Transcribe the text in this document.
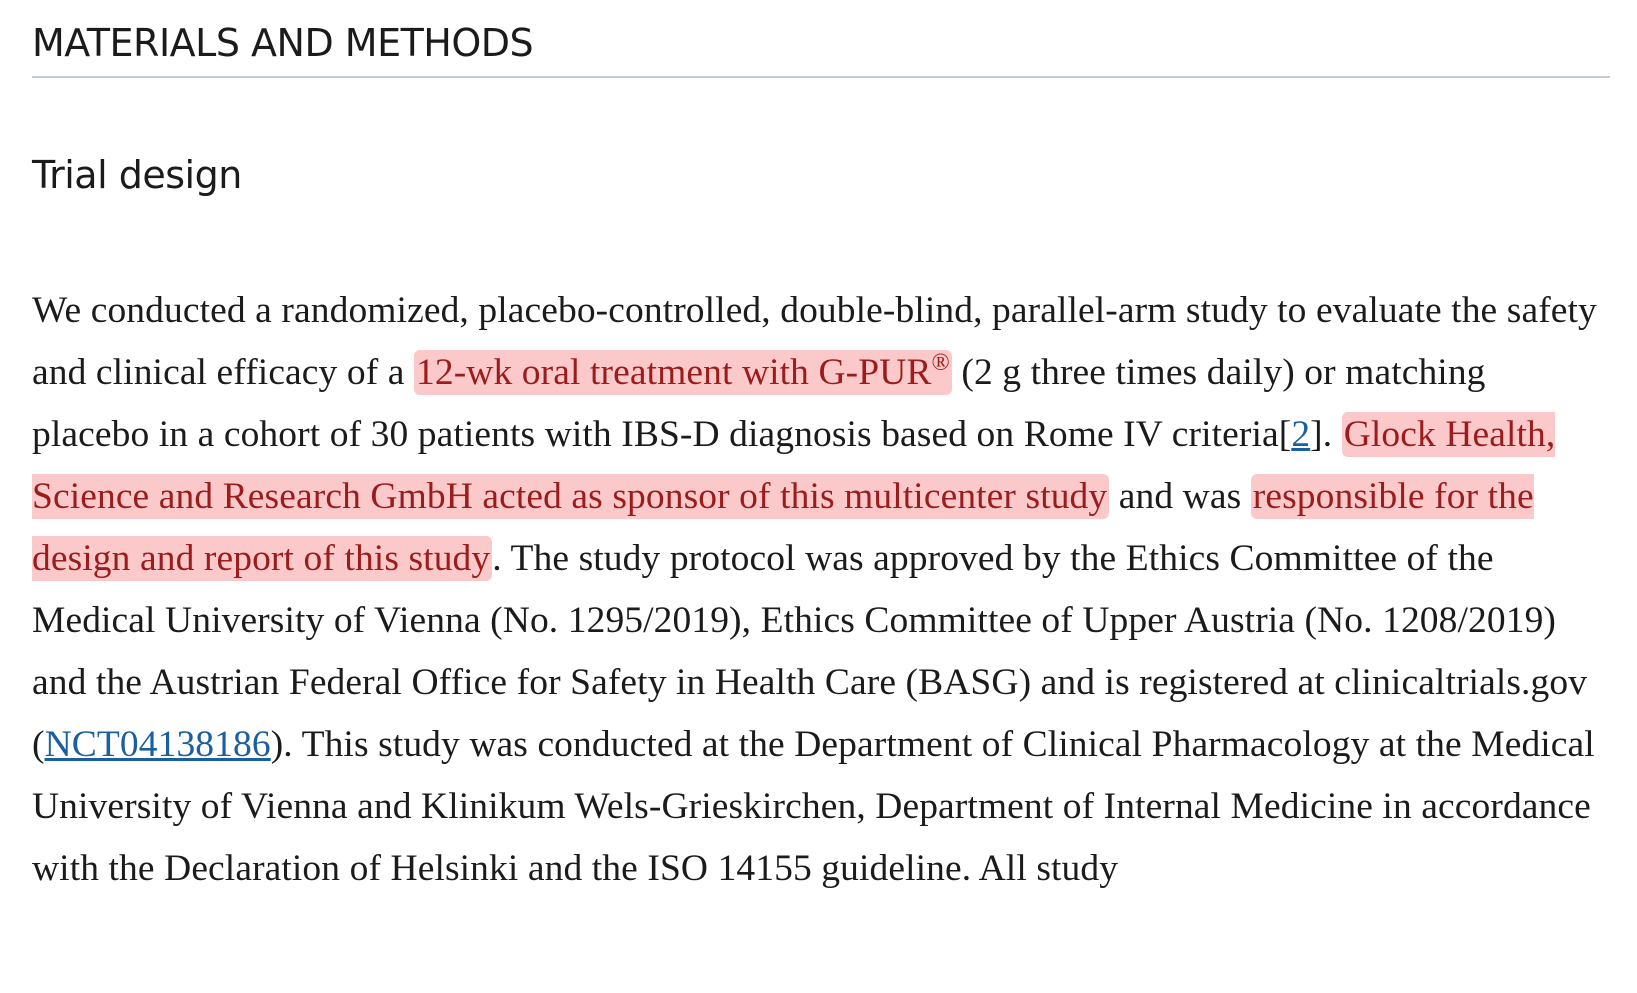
MATERIALS AND METHODS
Trial design

We conducted a randomized, placebo-controlled, double-blind, parallel-arm study to evaluate the safety and clinical efficacy of a 12-wk oral treatment with G-PUR® (2 g three times daily) or matching placebo in a cohort of 30 patients with IBS-D diagnosis based on Rome IV criteria[2]. Glock Health, Science and Research GmbH acted as sponsor of this multicenter study and was responsible for the design and report of this study. The study protocol was approved by the Ethics Committee of the Medical University of Vienna (No. 1295/2019), Ethics Committee of Upper Austria (No. 1208/2019) and the Austrian Federal Office for Safety in Health Care (BASG) and is registered at clinicaltrials.gov (NCT04138186). This study was conducted at the Department of Clinical Pharmacology at the Medical University of Vienna and Klinikum Wels-Grieskirchen, Department of Internal Medicine in accordance with the Declaration of Helsinki and the ISO 14155 guideline. All study
